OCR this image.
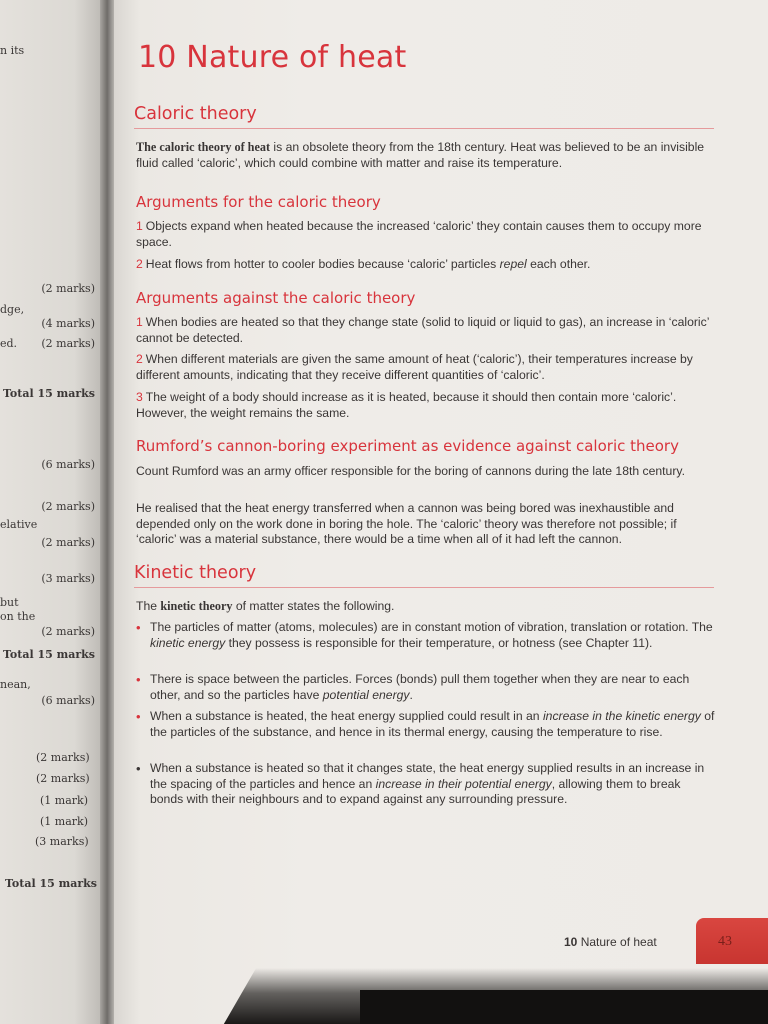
n its
(2 marks)
dge,
(4 marks)
ed. (2 marks)
Total 15 marks
(6 marks)
(2 marks)
elative
(2 marks)
(3 marks)
but
on the
(2 marks)
Total 15 marks
nean,
(6 marks)
(2 marks)
(2 marks)
(1 mark)
(1 mark)
(3 marks)
Total 15 marks
10 Nature of heat
Caloric theory

The caloric theory of heat is an obsolete theory from the 18th century. Heat was believed to be an invisible fluid called ‘caloric’, which could combine with matter and raise its temperature.

Arguments for the caloric theory

1 Objects expand when heated because the increased ‘caloric’ they contain causes them to occupy more space.

2 Heat flows from hotter to cooler bodies because ‘caloric’ particles repel each other.

Arguments against the caloric theory

1 When bodies are heated so that they change state (solid to liquid or liquid to gas), an increase in ‘caloric’ cannot be detected.

2 When different materials are given the same amount of heat (‘caloric’), their temperatures increase by different amounts, indicating that they receive different quantities of ‘caloric’.

3 The weight of a body should increase as it is heated, because it should then contain more ‘caloric’. However, the weight remains the same.

Rumford’s cannon-boring experiment as evidence against caloric theory

Count Rumford was an army officer responsible for the boring of cannons during the late 18th century.

He realised that the heat energy transferred when a cannon was being bored was inexhaustible and depended only on the work done in boring the hole. The ‘caloric’ theory was therefore not possible; if ‘caloric’ was a material substance, there would be a time when all of it had left the cannon.

Kinetic theory

The kinetic theory of matter states the following.

• The particles of matter (atoms, molecules) are in constant motion of vibration, translation or rotation. The kinetic energy they possess is responsible for their temperature, or hotness (see Chapter 11).
• There is space between the particles. Forces (bonds) pull them together when they are near to each other, and so the particles have potential energy.
• When a substance is heated, the heat energy supplied could result in an increase in the kinetic energy of the particles of the substance, and hence in its thermal energy, causing the temperature to rise.
• When a substance is heated so that it changes state, the heat energy supplied results in an increase in the spacing of the particles and hence an increase in their potential energy, allowing them to break bonds with their neighbours and to expand against any surrounding pressure.
10 Nature of heat	43
